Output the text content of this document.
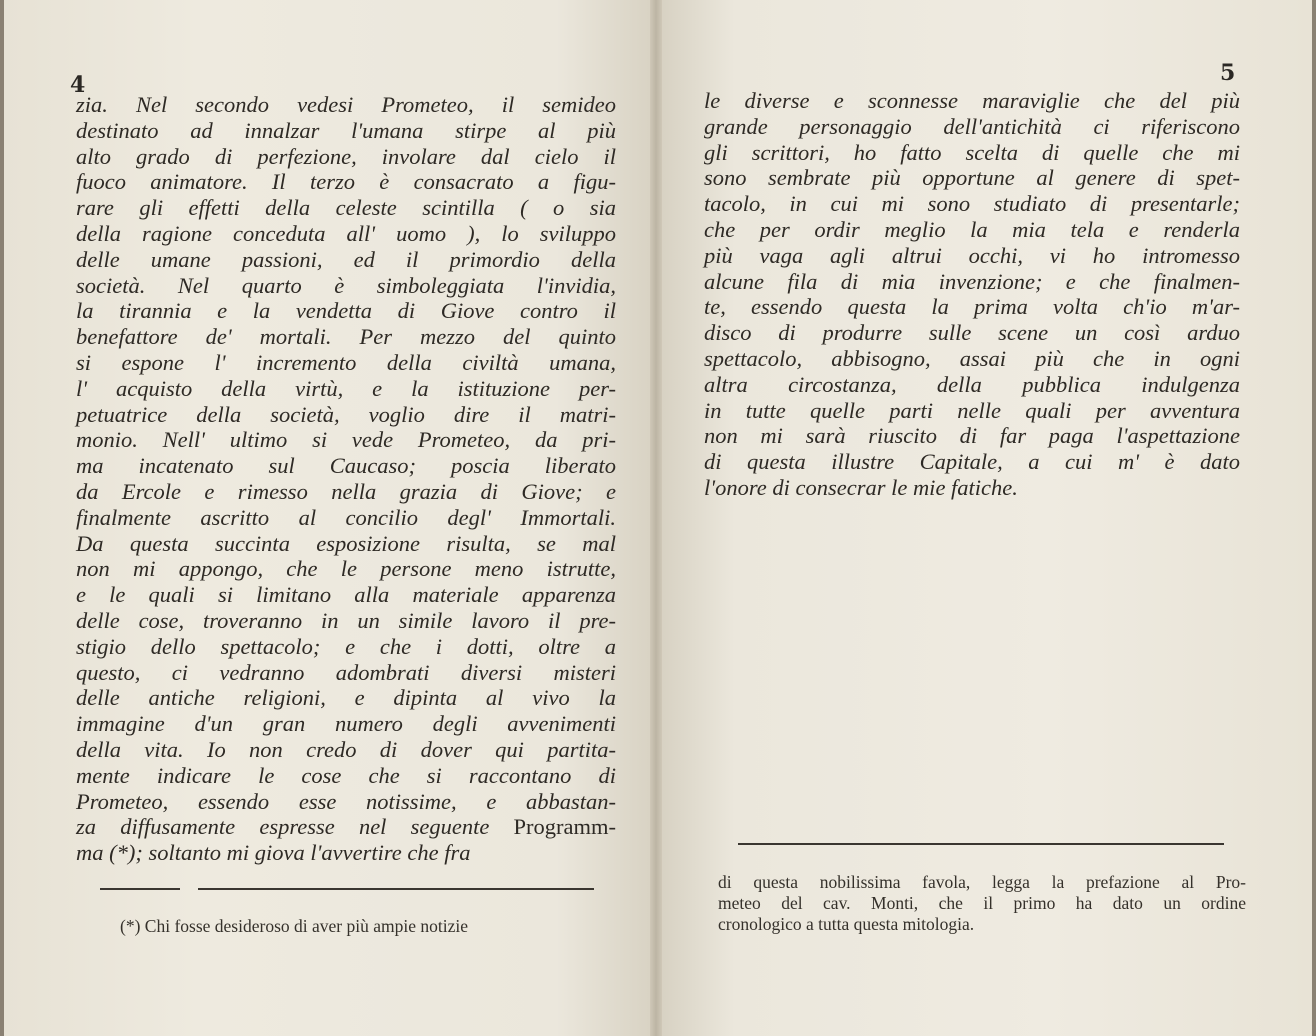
4	5
zia. Nel secondo vedesi Prometeo, il semideo
destinato ad innalzar l'umana stirpe al più
alto grado di perfezione, involare dal cielo il
fuoco animatore. Il terzo è consacrato a figu-
rare gli effetti della celeste scintilla ( o sia
della ragione conceduta all' uomo ), lo sviluppo
delle umane passioni, ed il primordio della
società. Nel quarto è simboleggiata l'invidia,
la tirannia e la vendetta di Giove contro il
benefattore de' mortali. Per mezzo del quinto
si espone l' incremento della civiltà umana,
l' acquisto della virtù, e la istituzione per-
petuatrice della società, voglio dire il matri-
monio. Nell' ultimo si vede Prometeo, da pri-
ma incatenato sul Caucaso; poscia liberato
da Ercole e rimesso nella grazia di Giove; e
finalmente ascritto al concilio degl' Immortali.
Da questa succinta esposizione risulta, se mal
non mi appongo, che le persone meno istrutte,
e le quali si limitano alla materiale apparenza
delle cose, troveranno in un simile lavoro il pre-
stigio dello spettacolo; e che i dotti, oltre a
questo, ci vedranno adombrati diversi misteri
delle antiche religioni, e dipinta al vivo la
immagine d'un gran numero degli avvenimenti
della vita. Io non credo di dover qui partita-
mente indicare le cose che si raccontano di
Prometeo, essendo esse notissime, e abbastan-
za diffusamente espresse nel seguente Programm-
ma (*); soltanto mi giova l'avvertire che fra
(*) Chi fosse desideroso di aver più ampie notizie
le diverse e sconnesse maraviglie che del più
grande personaggio dell'antichità ci riferiscono
gli scrittori, ho fatto scelta di quelle che mi
sono sembrate più opportune al genere di spet-
tacolo, in cui mi sono studiato di presentarle;
che per ordir meglio la mia tela e renderla
più vaga agli altrui occhi, vi ho intromesso
alcune fila di mia invenzione; e che finalmen-
te, essendo questa la prima volta ch'io m'ar-
disco di produrre sulle scene un così arduo
spettacolo, abbisogno, assai più che in ogni
altra circostanza, della pubblica indulgenza
in tutte quelle parti nelle quali per avventura
non mi sarà riuscito di far paga l'aspettazione
di questa illustre Capitale, a cui m' è dato
l'onore di consecrar le mie fatiche.
di questa nobilissima favola, legga la prefazione al Pro-
meteo del cav. Monti, che il primo ha dato un ordine
cronologico a tutta questa mitologia.
